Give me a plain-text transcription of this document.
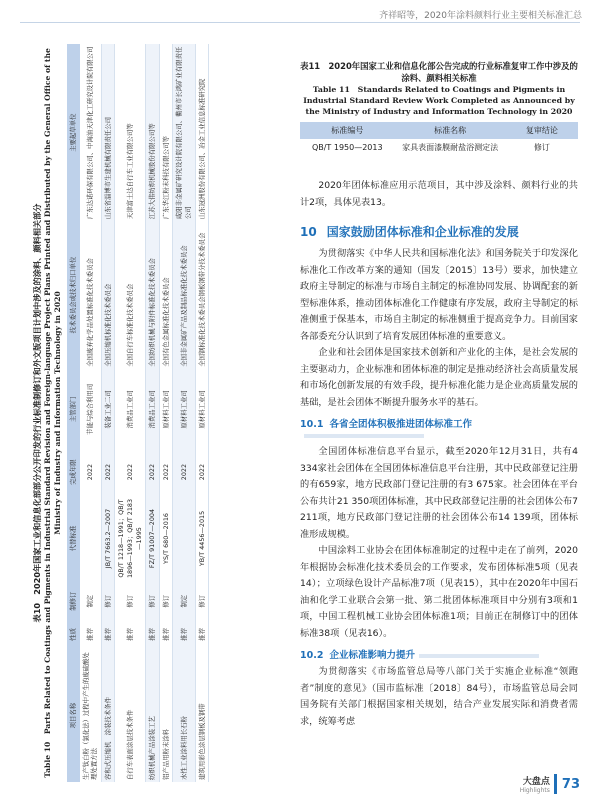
齐祥昭等，2020年涂料颜料行业主要相关标准汇总
表10　2020年国家工业和信息化部部分公开印发的行业标准制修订和外文版项目计划中涉及的涂料、颜料相关部分 Table 10　Parts Related to Coatings and Pigments in Industrial Standard Revision and Foreign-language Project Plans Printed and Distributed by the General Office of the Ministry of Industry and Information Technology in 2020
项目名称	性质	制修订	代替标准	完成年限	主管部门	技术委员会或技术归口单位	主要起草单位
生产钛白粉（氯化法）过程中产生的废硫酸处理处置方法	推荐	制定		2022	节能与综合利用司	全国废弃化学品处置标准化技术委员会	广东达诺环保有限公司、中海油天津化工研究设计院有限公司
容积式压缩机　涂装技术条件	推荐	修订	JB/T 7663.2—2007	2022	装备工业二司	全国压缩机标准化技术委员会	山东省淄博市生建机械有限责任公司
自行车表面涂层技术条件	推荐	修订	QB/T 1218—1991；QB/T 1896—1993；QB/T 2183—1995	2022	消费品工业司	全国自行车标准化技术委员会	天津富士达自行车工业有限公司等
纺织机械产品涂装工艺	推荐	修订	FZ/T 91007—2004	2022	消费品工业司	全国纺织机械与附件标准化技术委员会	江苏大伟纺织机械股份有限公司等
铝产品用粉末涂料	推荐	修订	YS/T 680—2016	2022	原材料工业司	全国有色金属标准化技术委员会	广东华江粉末科技有限公司等
水性工业涂料用长石粉	推荐	制定		2022	原材料工业司	全国非金属矿产品及制品标准化技术委员会	咸阳非金属矿研究设计院有限公司、衢州市长鸿矿业有限责任公司
建筑用彩色涂层钢板及钢带	推荐	修订	YB/T 4456—2015	2022	原材料工业司	全国钢标准化技术委员会钢板钢带分技术委员会	山东冠洲股份有限公司、冶金工业信息标准研究院
表11　2020年国家工业和信息化部公告完成的行业标准复审工作中涉及的涂料、颜料相关标准
Table 11　Standards Related to Coatings and Pigments in Industrial Standard Review Work Completed as Announced by the Ministry of Industry and Information Technology in 2020
标准编号	标准名称	复审结论
QB/T 1950—2013	家具表面漆膜耐盐浴测定法	修订

2020年团体标准应用示范项目，其中涉及涂料、颜料行业的共计2项，具体见表13。

10 国家鼓励团体标准和企业标准的发展

为贯彻落实《中华人民共和国标准化法》和国务院关于印发深化标准化工作改革方案的通知（国发〔2015〕13号）要求，加快建立政府主导制定的标准与市场自主制定的标准协同发展、协调配套的新型标准体系，推动团体标准化工作健康有序发展，政府主导制定的标准侧重于保基本，市场自主制定的标准侧重于提高竞争力。目前国家各部委充分认识到了培育发展团体标准的重要意义。

企业和社会团体是国家技术创新和产业化的主体，是社会发展的主要驱动力，企业标准和团体标准的制定是推动经济社会高质量发展和市场化创新发展的有效手段，提升标准化能力是企业高质量发展的基础，是社会团体不断提升服务水平的基石。

10.1 各省全团体积极推进团体标准工作

全国团体标准信息平台显示，截至2020年12月31日，共有4 334家社会团体在全国团体标准信息平台注册，其中民政部登记注册的有659家，地方民政部门登记注册的有3 675家。社会团体在平台公布共计21 350项团体标准，其中民政部登记注册的社会团体公布7 211项，地方民政部门登记注册的社会团体公布14 139项，团体标准形成规模。

中国涂料工业协会在团体标准制定的过程中走在了前列，2020年根据协会标准化技术委员会的工作要求，发布团体标准5项（见表14）；立项绿色设计产品标准7项（见表15），其中在2020年中国石油和化学工业联合会第一批、第二批团体标准项目中分别有3项和1项，中国工程机械工业协会团体标准1项；目前正在制修订中的团体标准38项（见表16）。

10.2 企业标准影响力提升

为贯彻落实《市场监管总局等八部门关于实施企业标准“领跑者”制度的意见》（国市监标准〔2018〕84号），市场监管总局会同国务院有关部门根据国家相关规划，结合产业发展实际和消费者需求，统筹考虑

大盘点
Highlights 73
